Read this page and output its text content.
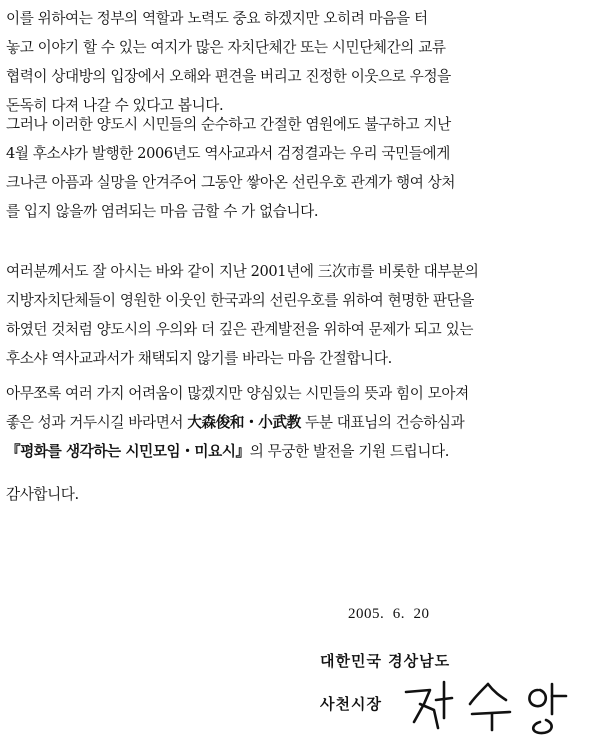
이를 위하여는 정부의 역할과 노력도 중요 하겠지만 오히려 마음을 터
놓고 이야기 할 수 있는 여지가 많은 자치단체간 또는 시민단체간의 교류
협력이 상대방의 입장에서 오해와 편견을 버리고 진정한 이웃으로 우정을
돈독히 다져 나갈 수 있다고 봅니다.
그러나 이러한 양도시 시민들의 순수하고 간절한 염원에도 불구하고 지난
4월 후소샤가 발행한 2006년도 역사교과서 검정결과는 우리 국민들에게
크나큰 아픔과 실망을 안겨주어 그동안 쌓아온 선린우호 관계가 행여 상처
를 입지 않을까 염려되는 마음 금할 수 가 없습니다.
여러분께서도 잘 아시는 바와 같이 지난 2001년에 三次市를 비롯한 대부분의
지방자치단체들이 영원한 이웃인 한국과의 선린우호를 위하여 현명한 판단을
하였던 것처럼 양도시의 우의와 더 깊은 관계발전을 위하여 문제가 되고 있는
후소샤 역사교과서가 채택되지 않기를 바라는 마음 간절합니다.
아무쪼록 여러 가지 어려움이 많겠지만 양심있는 시민들의 뜻과 힘이 모아져
좋은 성과 거두시길 바라면서 大森俊和・小武教 두분 대표님의 건승하심과
『평화를 생각하는 시민모임・미요시』의 무궁한 발전을 기원 드립니다.
감사합니다.
2005.  6.  20
대한민국 경상남도
사천시장
